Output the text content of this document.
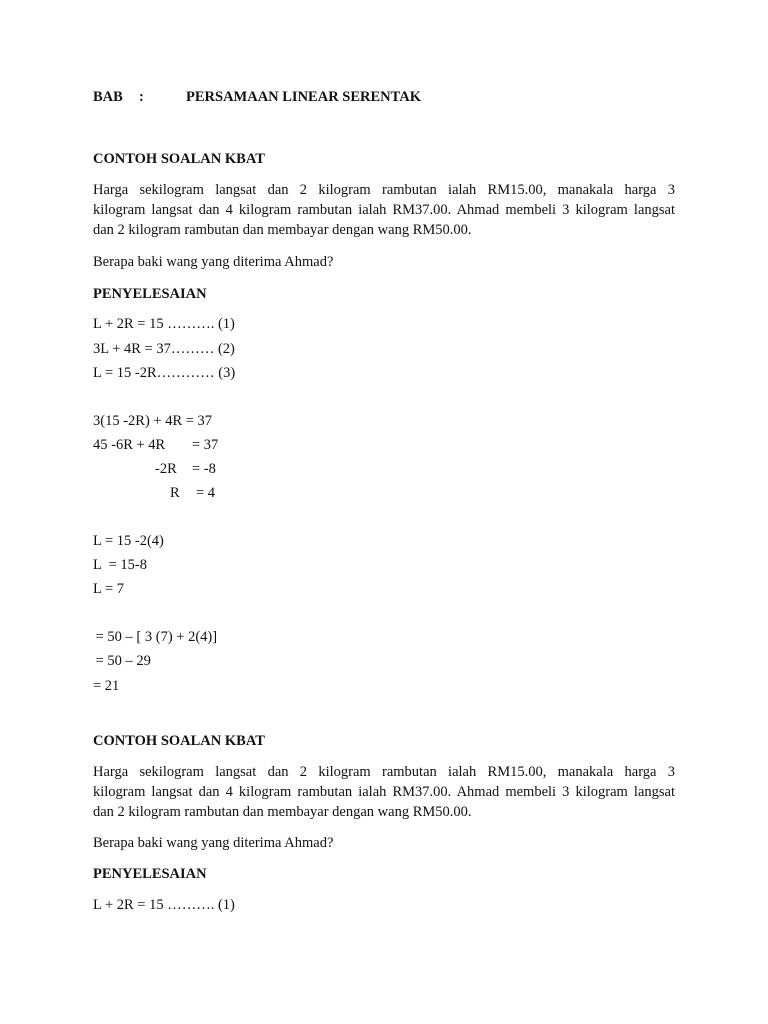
BAB :	PERSAMAAN LINEAR SERENTAK
CONTOH SOALAN KBAT
Harga sekilogram langsat dan 2 kilogram rambutan ialah RM15.00, manakala harga 3
kilogram langsat dan 4 kilogram rambutan ialah RM37.00. Ahmad membeli 3 kilogram langsat
dan 2 kilogram rambutan dan membayar dengan wang RM50.00.
Berapa baki wang yang diterima Ahmad?
PENYELESAIAN
L + 2R = 15 ………. (1)
3L + 4R = 37……… (2)
L = 15 -2R………… (3)
3(15 -2R) + 4R = 37
45 -6R + 4R = 37
-2R = -8
R = 4
L = 15 -2(4)
L  = 15-8
L = 7
= 50 – [ 3 (7) + 2(4)]
= 50 – 29
= 21
CONTOH SOALAN KBAT
Harga sekilogram langsat dan 2 kilogram rambutan ialah RM15.00, manakala harga 3
kilogram langsat dan 4 kilogram rambutan ialah RM37.00. Ahmad membeli 3 kilogram langsat
dan 2 kilogram rambutan dan membayar dengan wang RM50.00.
Berapa baki wang yang diterima Ahmad?
PENYELESAIAN
L + 2R = 15 ………. (1)
